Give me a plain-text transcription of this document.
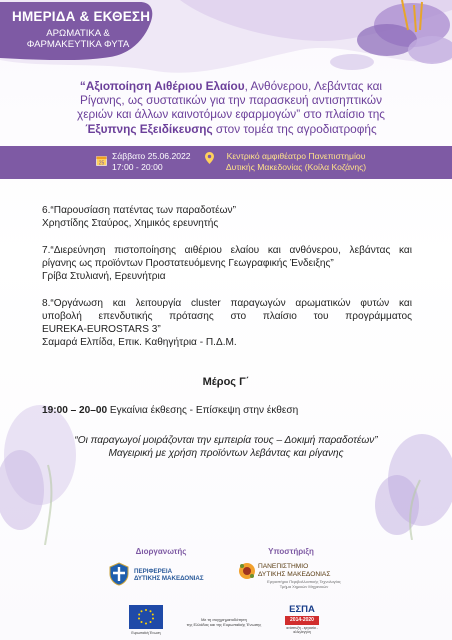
ΗΜΕΡΙΔΑ & ΕΚΘΕΣΗ
ΑΡΩΜΑΤΙΚΑ &
ΦΑΡΜΑΚΕΥΤΙΚΑ ΦΥΤΑ
“Αξιοποίηση Αιθέριου Ελαίου, Ανθόνερου, Λεβάντας και
Ρίγανης, ως συστατικών για την παρασκευή αντισηπτικών
χεριών και άλλων καινοτόμων εφαρμογών” στο πλαίσιο της
Έξυπνης Εξειδίκευσης στον τομέα της αγροδιατροφής
25
Σάββατο 25.06.2022
17:00 - 20:00
Κεντρικό αμφιθέατρο Πανεπιστημίου
Δυτικής Μακεδονίας (Κοίλα Κοζάνης)

6.“Παρουσίαση πατέντας των παραδοτέων”

Χρηστίδης Σταύρος, Χημικός ερευνητής

7.“Διερεύνηση πιστοποίησης αιθέριου ελαίου και ανθόνερου, λεβάντας και

ρίγανης ως προϊόντων Προστατευόμενης Γεωγραφικής Ένδειξης”

Γρίβα Στυλιανή, Ερευνήτρια

8.“Οργάνωση και λειτουργία cluster παραγωγών αρωματικών φυτών και

υποβολή επενδυτικής πρότασης στο πλαίσιο του προγράμματος

EUREKA-EUROSTARS 3”

Σαμαρά Ελπίδα, Επικ. Καθηγήτρια - Π.Δ.Μ.

Μέρος Γ΄
19:00 – 20–00 Εγκαίνια έκθεσης - Επίσκεψη στην έκθεση
“Οι παραγωγοί μοιράζονται την εμπειρία τους – Δοκιμή παραδοτέων”
Μαγειρική με χρήση προϊόντων λεβάντας και ρίγανης
Διοργανωτής	Υποστήριξη
ΠΕΡΙΦΕΡΕΙΑ
ΔΥΤΙΚΗΣ ΜΑΚΕΔΟΝΙΑΣ
ΠΑΝΕΠΙΣΤΗΜΙΟ
ΔΥΤΙΚΗΣ ΜΑΚΕΔΟΝΙΑΣ
Εργαστήριο Περιβαλλοντικής Τεχνολογίας
Τμήμα Χημικών Μηχανικών
Ευρωπαϊκή Ένωση
Με τη συγχρηματοδότηση
της Ελλάδας και της Ευρωπαϊκής Ένωσης
ΕΣΠΑ
2014-2020
ανάπτυξη - εργασία - αλληλεγγύη
